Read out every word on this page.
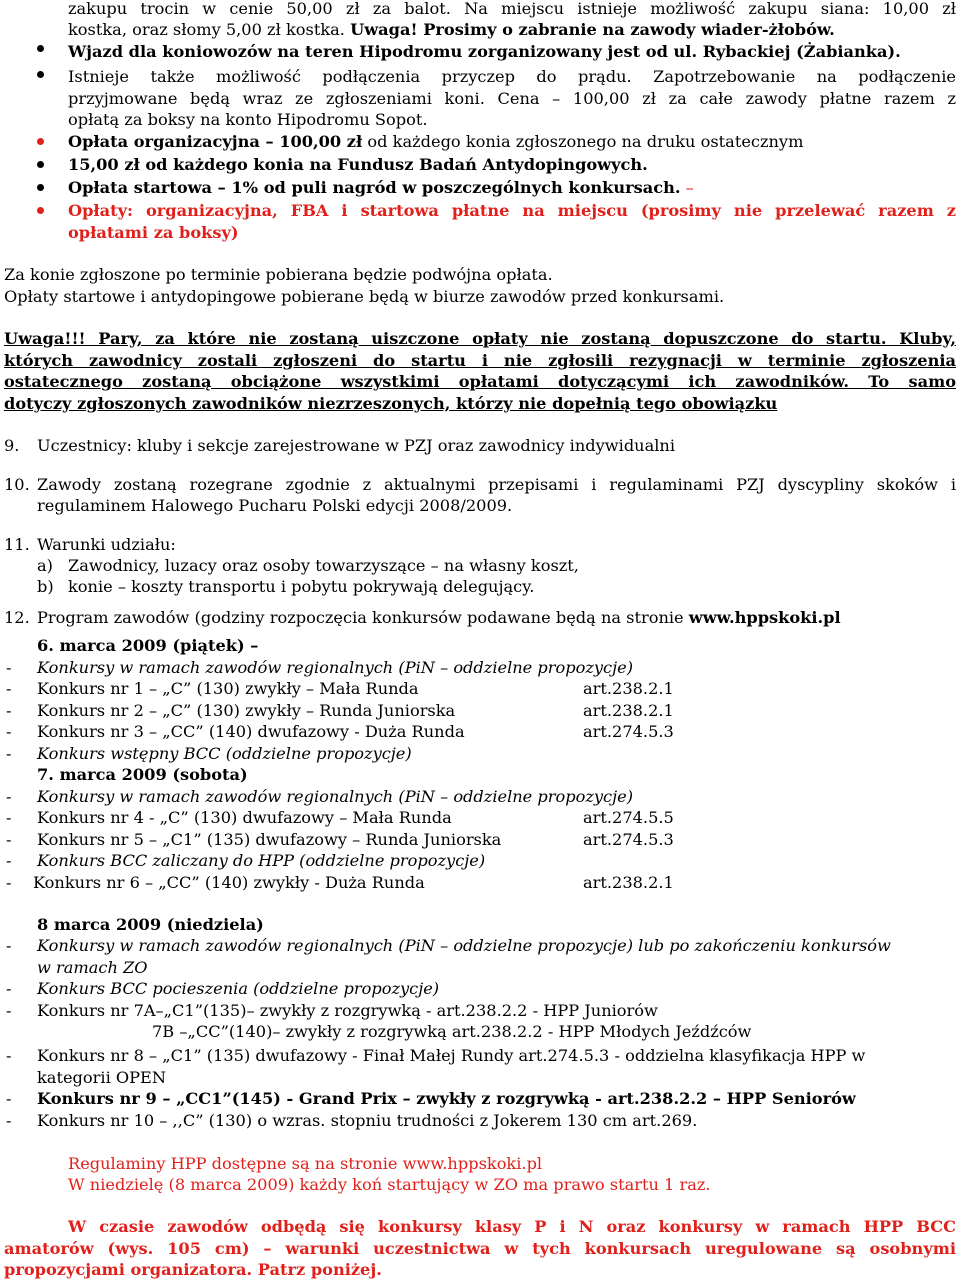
zakupu trocin w cenie 50,00 zł za balot. Na miejscu istnieje możliwość zakupu siana: 10,00 zł
kostka, oraz słomy 5,00 zł kostka. Uwaga! Prosimy o zabranie na zawody wiader-żłobów.
Wjazd dla koniowozów na teren Hipodromu zorganizowany jest od ul. Rybackiej (Żabianka).
Istnieje także możliwość podłączenia przyczep do prądu. Zapotrzebowanie na podłączenie
przyjmowane będą wraz ze zgłoszeniami koni. Cena – 100,00 zł za całe zawody płatne razem z
opłatą za boksy na konto Hipodromu Sopot.
Opłata organizacyjna – 100,00 zł od każdego konia zgłoszonego na druku ostatecznym
15,00 zł od każdego konia na Fundusz Badań Antydopingowych.
Opłata startowa – 1% od puli nagród w poszczególnych konkursach. –
Opłaty: organizacyjna, FBA i startowa płatne na miejscu (prosimy nie przelewać razem z
opłatami za boksy)
Za konie zgłoszone po terminie pobierana będzie podwójna opłata.
Opłaty startowe i antydopingowe pobierane będą w biurze zawodów przed konkursami.
Uwaga!!! Pary, za które nie zostaną uiszczone opłaty nie zostaną dopuszczone do startu. Kluby,
których zawodnicy zostali zgłoszeni do startu i nie zgłosili rezygnacji w terminie zgłoszenia
ostatecznego zostaną obciążone wszystkimi opłatami dotyczącymi ich zawodników. To samo
dotyczy zgłoszonych zawodników niezrzeszonych, którzy nie dopełnią tego obowiązku
9. Uczestnicy: kluby i sekcje zarejestrowane w PZJ oraz zawodnicy indywidualni
10. Zawody zostaną rozegrane zgodnie z aktualnymi przepisami i regulaminami PZJ dyscypliny skoków i
regulaminem Halowego Pucharu Polski edycji 2008/2009.
11. Warunki udziału:
a) Zawodnicy, luzacy oraz osoby towarzyszące – na własny koszt,
b) konie – koszty transportu i pobytu pokrywają delegujący.
12. Program zawodów (godziny rozpoczęcia konkursów podawane będą na stronie www.hppskoki.pl
6. marca 2009 (piątek) –
- Konkursy w ramach zawodów regionalnych (PiN – oddzielne propozycje)
- Konkurs nr 1 – „C” (130) zwykły – Mała Runda	art.238.2.1
- Konkurs nr 2 – „C” (130) zwykły – Runda Juniorska	art.238.2.1
- Konkurs nr 3 – „CC” (140) dwufazowy - Duża Runda	art.274.5.3
- Konkurs wstępny BCC (oddzielne propozycje)
7. marca 2009 (sobota)
- Konkursy w ramach zawodów regionalnych (PiN – oddzielne propozycje)
- Konkurs nr 4 - „C” (130) dwufazowy – Mała Runda	art.274.5.5
- Konkurs nr 5 – „C1” (135) dwufazowy – Runda Juniorska	art.274.5.3
- Konkurs BCC zaliczany do HPP (oddzielne propozycje)
- Konkurs nr 6 – „CC” (140) zwykły - Duża Runda	art.238.2.1
8 marca 2009 (niedziela)
- Konkursy w ramach zawodów regionalnych (PiN – oddzielne propozycje) lub po zakończeniu konkursów
w ramach ZO
- Konkurs BCC pocieszenia (oddzielne propozycje)
- Konkurs nr 7A–„C1”(135)– zwykły z rozgrywką - art.238.2.2 - HPP Juniorów
7B –„CC”(140)– zwykły z rozgrywką art.238.2.2 - HPP Młodych Jeźdźców
- Konkurs nr 8 – „C1” (135) dwufazowy - Finał Małej Rundy art.274.5.3 - oddzielna klasyfikacja HPP w
kategorii OPEN
- Konkurs nr 9 – „CC1”(145) - Grand Prix – zwykły z rozgrywką - art.238.2.2 – HPP Seniorów
- Konkurs nr 10 – ,,C” (130) o wzras. stopniu trudności z Jokerem 130 cm art.269.
Regulaminy HPP dostępne są na stronie www.hppskoki.pl
W niedzielę (8 marca 2009) każdy koń startujący w ZO ma prawo startu 1 raz.
W czasie zawodów odbędą się konkursy klasy P i N oraz konkursy w ramach HPP BCC
amatorów (wys. 105 cm) – warunki uczestnictwa w tych konkursach uregulowane są osobnymi
propozycjami organizatora. Patrz poniżej.
